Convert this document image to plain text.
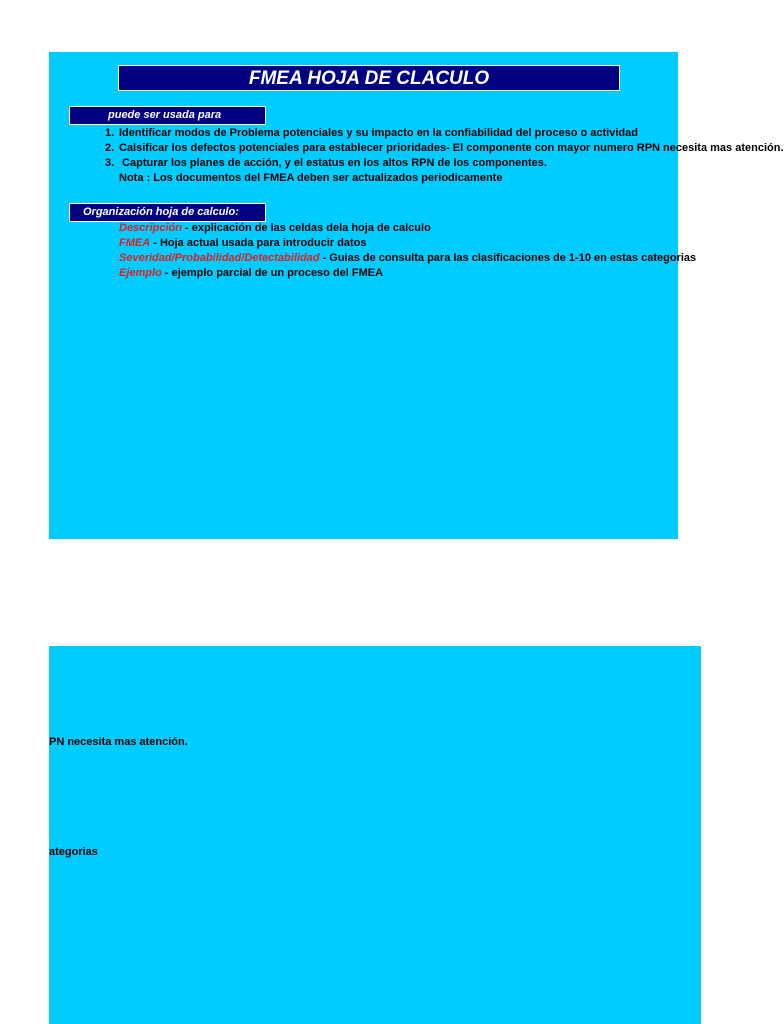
FMEA HOJA DE CLACULO
puede ser usada para
1. Identificar modos de Problema potenciales y su impacto en la confiabilidad del proceso o actividad
2. Calsificar los defectos potenciales para establecer prioridades- El componente con mayor numero RPN necesita mas atención.
3. Capturar los planes de acción, y el estatus en los altos RPN de los componentes.
Nota : Los documentos del FMEA deben ser actualizados periodicamente
Organización hoja de calculo:
Descripción - explicación de las celdas dela hoja de calculo
FMEA - Hoja actual usada para introducir datos
Severidad/Probabilidad/Detectabilidad - Guias de consulta para las clasificaciones de 1-10 en estas categorias
Ejemplo - ejemplo parcial de un proceso del FMEA
PN necesita mas atención.
ategorias
